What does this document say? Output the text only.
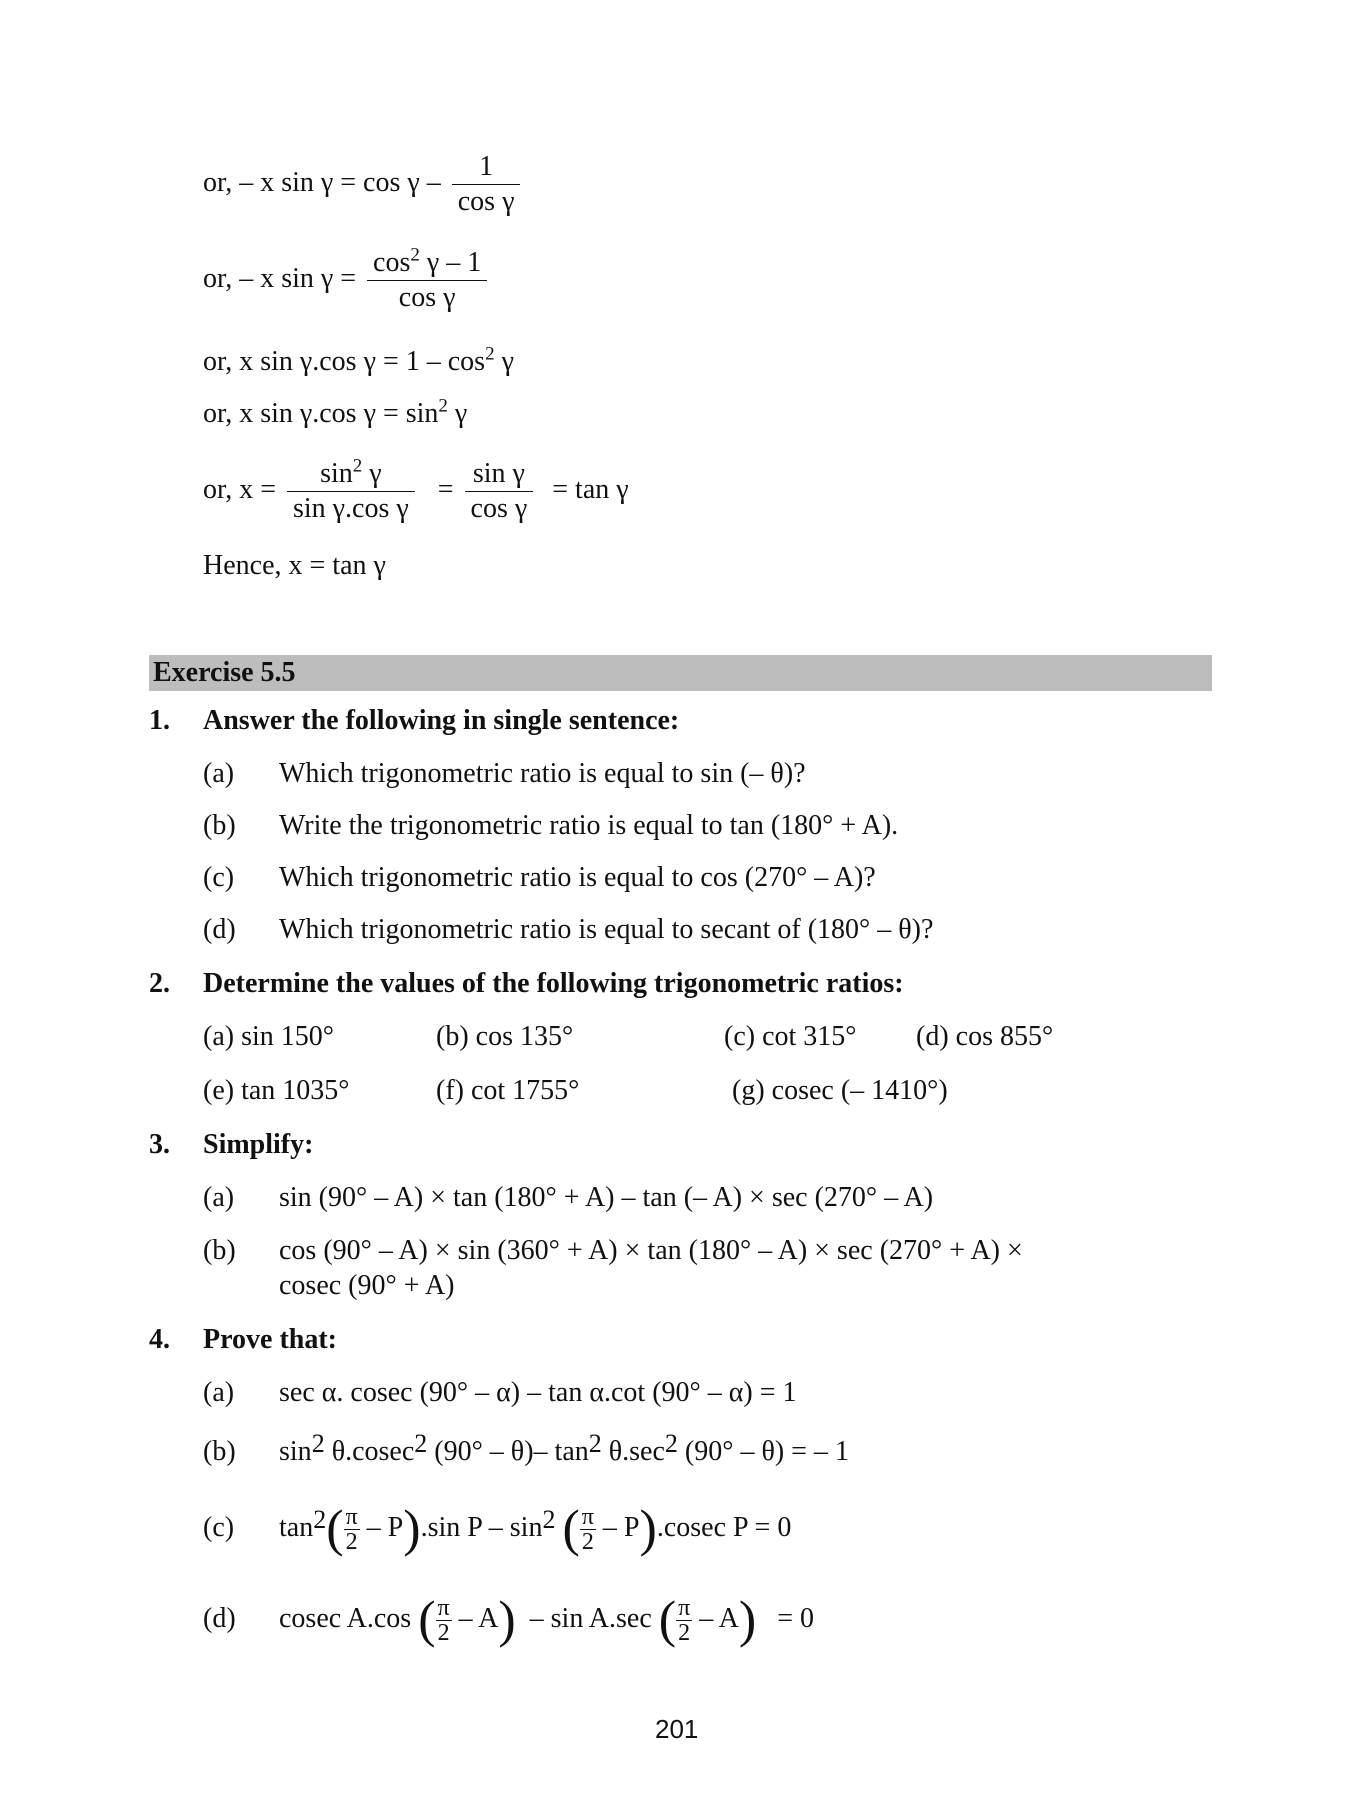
or, – x $\sin \gamma = \cos \gamma - \frac{1}{\text{cos γ}}$
or, – x $\sin \gamma = \frac{\cos^2 \gamma - 1}{\text{cos γ}}$
or, x sin γ.cos $\gamma = 1 - \cos^2 \gamma$
or, x sin γ.cos $\gamma = \sin^2 \gamma$
or, $x = \frac{\sin^2 \gamma}{\text{sin γ.cos γ}} = \frac{\text{sin γ}}{\text{cos γ}} = \tan \gamma$
Hence, x = tan γ
Exercise 5.5
1. Answer the following in single sentence:
(a) Which trigonometric ratio is equal to sin (– θ)?
(b) Write the trigonometric ratio is equal to tan (180° + A).
(c) Which trigonometric ratio is equal to cos (270° – A)?
(d) Which trigonometric ratio is equal to secant of (180° – θ)?
2. Determine the values of the following trigonometric ratios:
(a) sin 150°	(b) cos 135°	(c) cot 315° (d) cos 855°
(e) tan 1035°	(f) cot 1755°	(g) cosec (– 1410°)
3. Simplify:
(a) sin (90° – A) × tan (180° + A) – tan (– A) × sec (270° – A)
(b) cos (90° – A) × sin (360° + A) × tan (180° – A) × sec (270° + A) ×
cosec (90° + A)
4. Prove that:
(a) sec α. cosec (90° – α) – tan α.cot (90° – α) = 1
(b) sin2 θ.cosec2 (90° – θ)– tan2 θ.sec2 (90° – θ) = – 1
(c) $\tan 2( \frac{\pi}{2} - P).\sin$ P – sin2 ( $\frac{\pi}{2} - P).cosec$ P = 0
(d) cosec A.cos ( $\frac{\pi}{2} - A$) – sin A.sec ( $\frac{\pi}{2} - A) = 0$
201
